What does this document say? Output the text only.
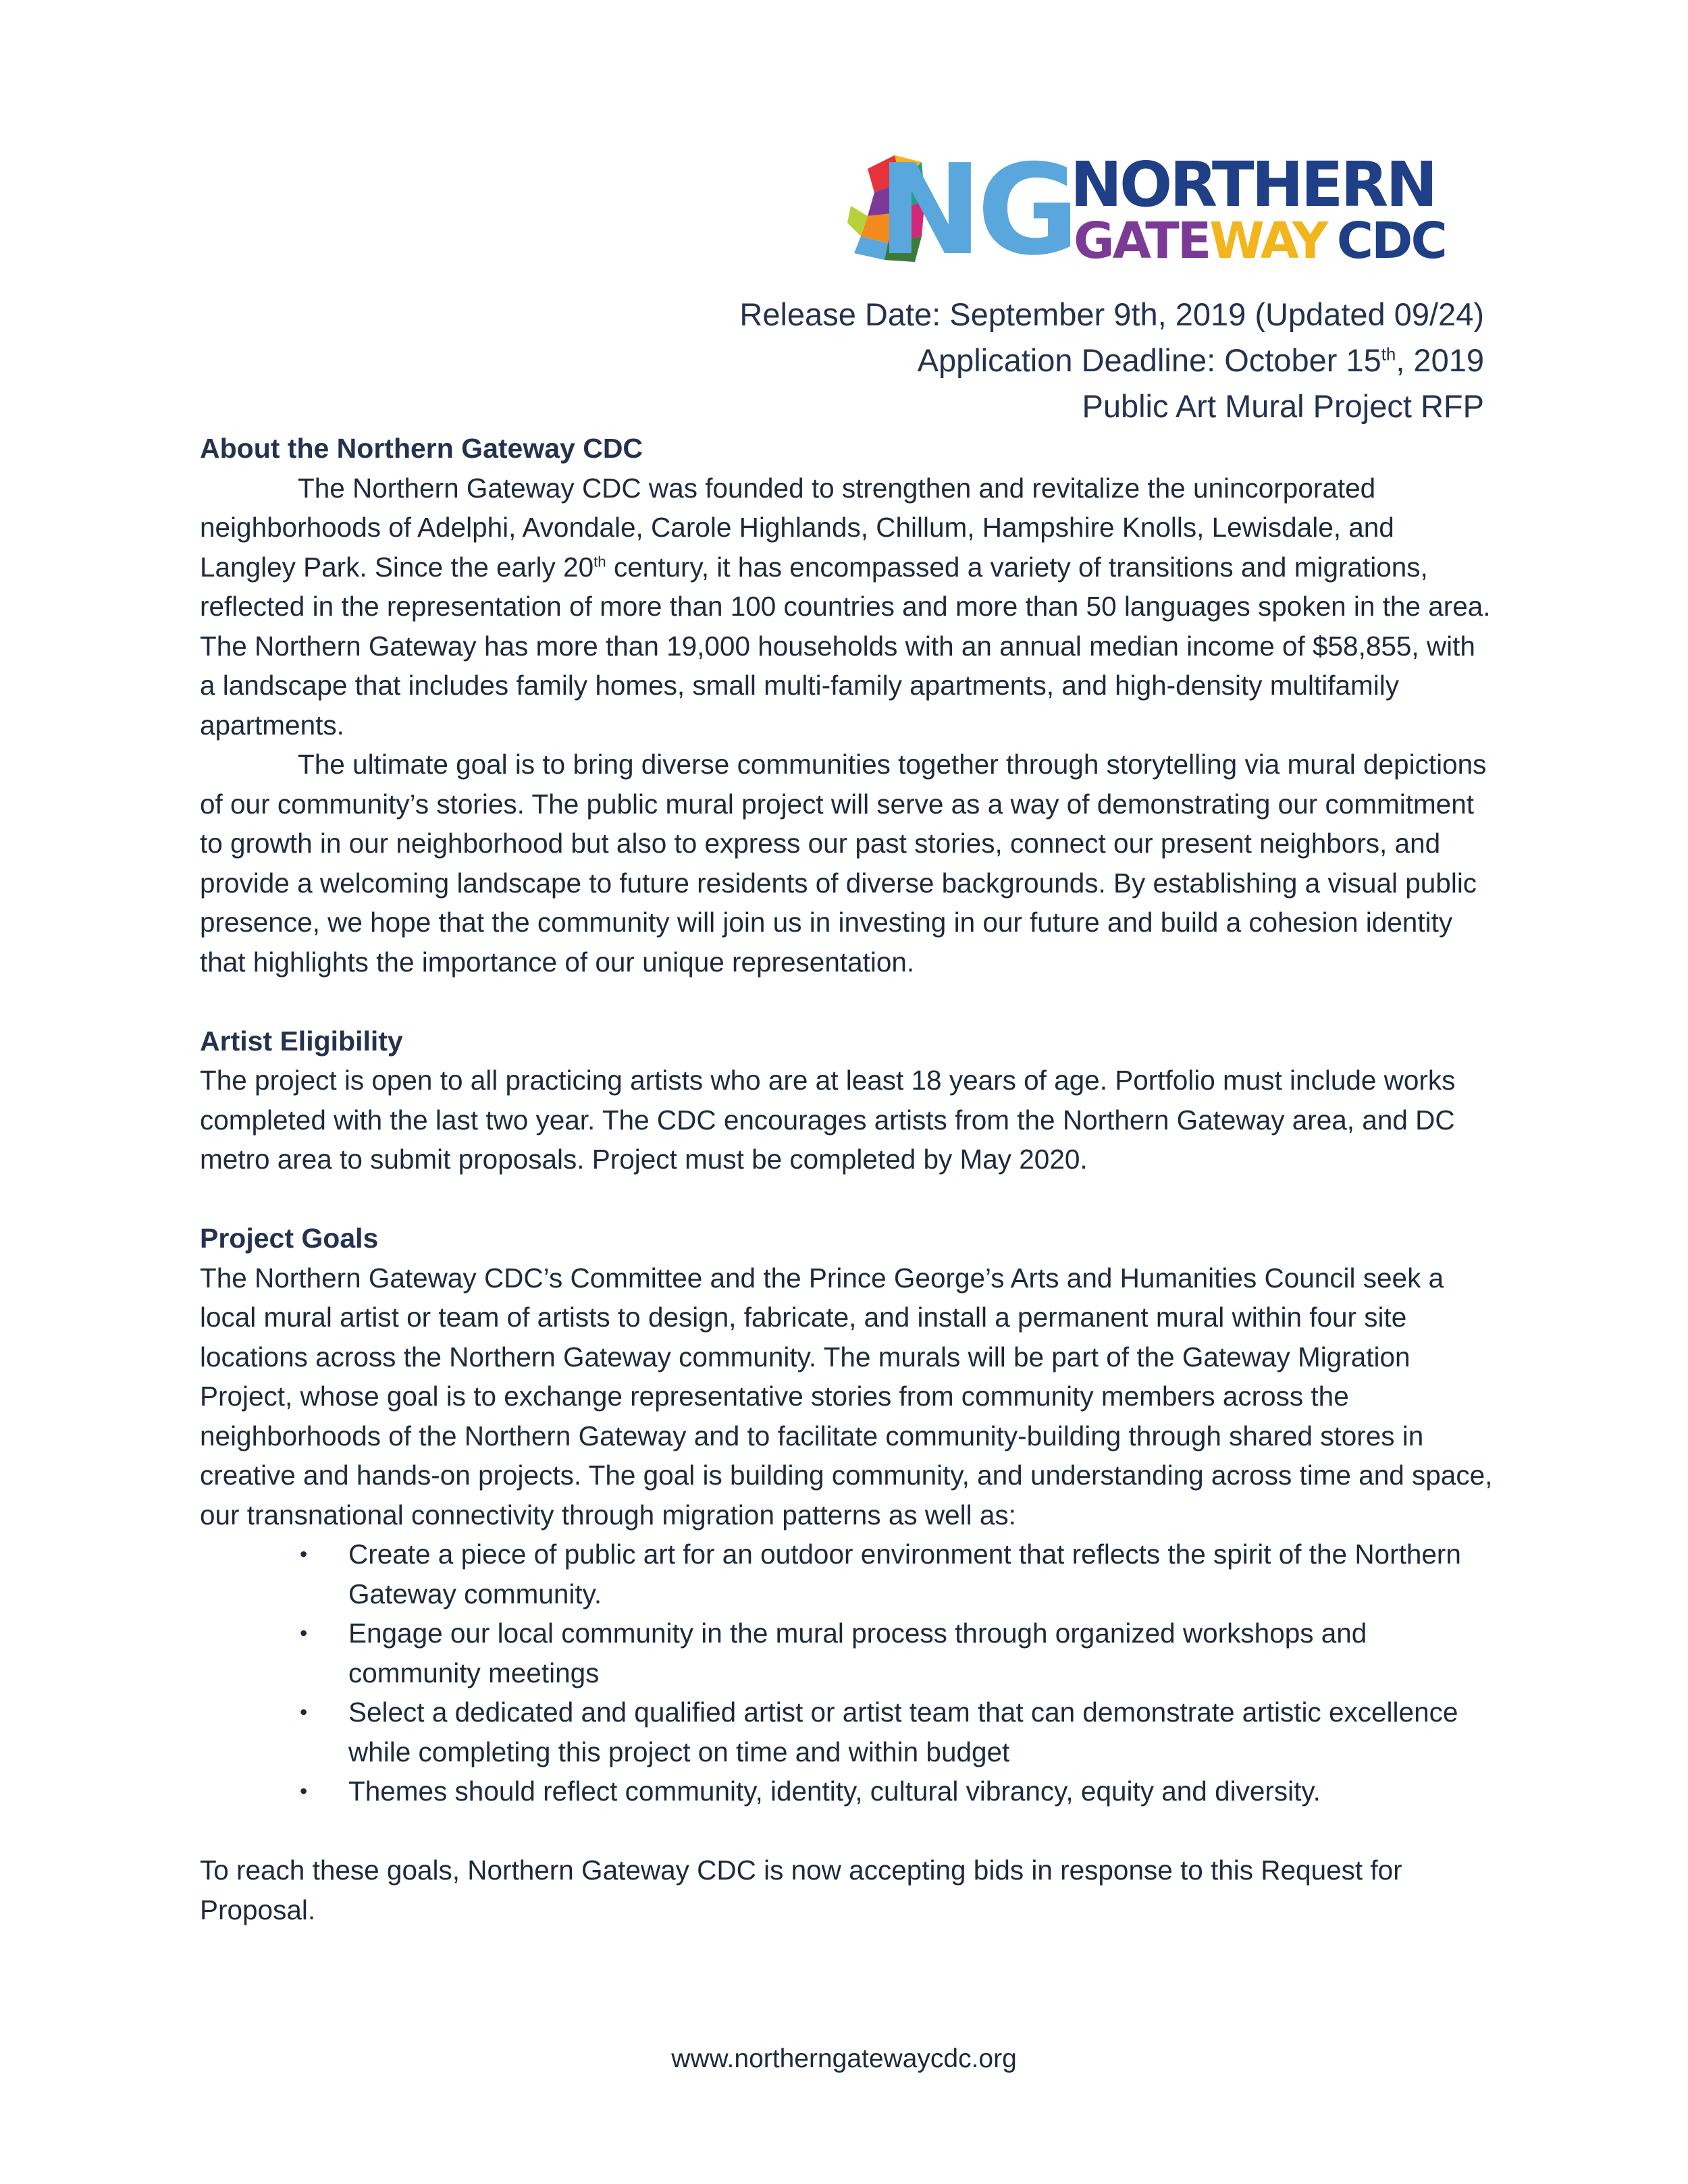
NG
NORTHERN
GATEWAY CDC
Release Date: September 9th, 2019 (Updated 09/24)
Application Deadline: October 15th, 2019
Public Art Mural Project RFP
About the Northern Gateway CDC

The Northern Gateway CDC was founded to strengthen and revitalize the unincorporated neighborhoods of Adelphi, Avondale, Carole Highlands, Chillum, Hampshire Knolls, Lewisdale, and Langley Park. Since the early 20th century, it has encompassed a variety of transitions and migrations, reflected in the representation of more than 100 countries and more than 50 languages spoken in the area. The Northern Gateway has more than 19,000 households with an annual median income of $58,855, with a landscape that includes family homes, small multi-family apartments, and high-density multifamily apartments.

The ultimate goal is to bring diverse communities together through storytelling via mural depictions of our community’s stories. The public mural project will serve as a way of demonstrating our commitment to growth in our neighborhood but also to express our past stories, connect our present neighbors, and provide a welcoming landscape to future residents of diverse backgrounds. By establishing a visual public presence, we hope that the community will join us in investing in our future and build a cohesion identity that highlights the importance of our unique representation.

Artist Eligibility

The project is open to all practicing artists who are at least 18 years of age. Portfolio must include works completed with the last two year. The CDC encourages artists from the Northern Gateway area, and DC metro area to submit proposals. Project must be completed by May 2020.

Project Goals

The Northern Gateway CDC’s Committee and the Prince George’s Arts and Humanities Council seek a local mural artist or team of artists to design, fabricate, and install a permanent mural within four site locations across the Northern Gateway community. The murals will be part of the Gateway Migration Project, whose goal is to exchange representative stories from community members across the neighborhoods of the Northern Gateway and to facilitate community-building through shared stores in creative and hands-on projects. The goal is building community, and understanding across time and space, our transnational connectivity through migration patterns as well as:

• Create a piece of public art for an outdoor environment that reflects the spirit of the Northern Gateway community.
• Engage our local community in the mural process through organized workshops and community meetings
• Select a dedicated and qualified artist or artist team that can demonstrate artistic excellence while completing this project on time and within budget
• Themes should reflect community, identity, cultural vibrancy, equity and diversity.

To reach these goals, Northern Gateway CDC is now accepting bids in response to this Request for Proposal.

www.northerngatewaycdc.org
